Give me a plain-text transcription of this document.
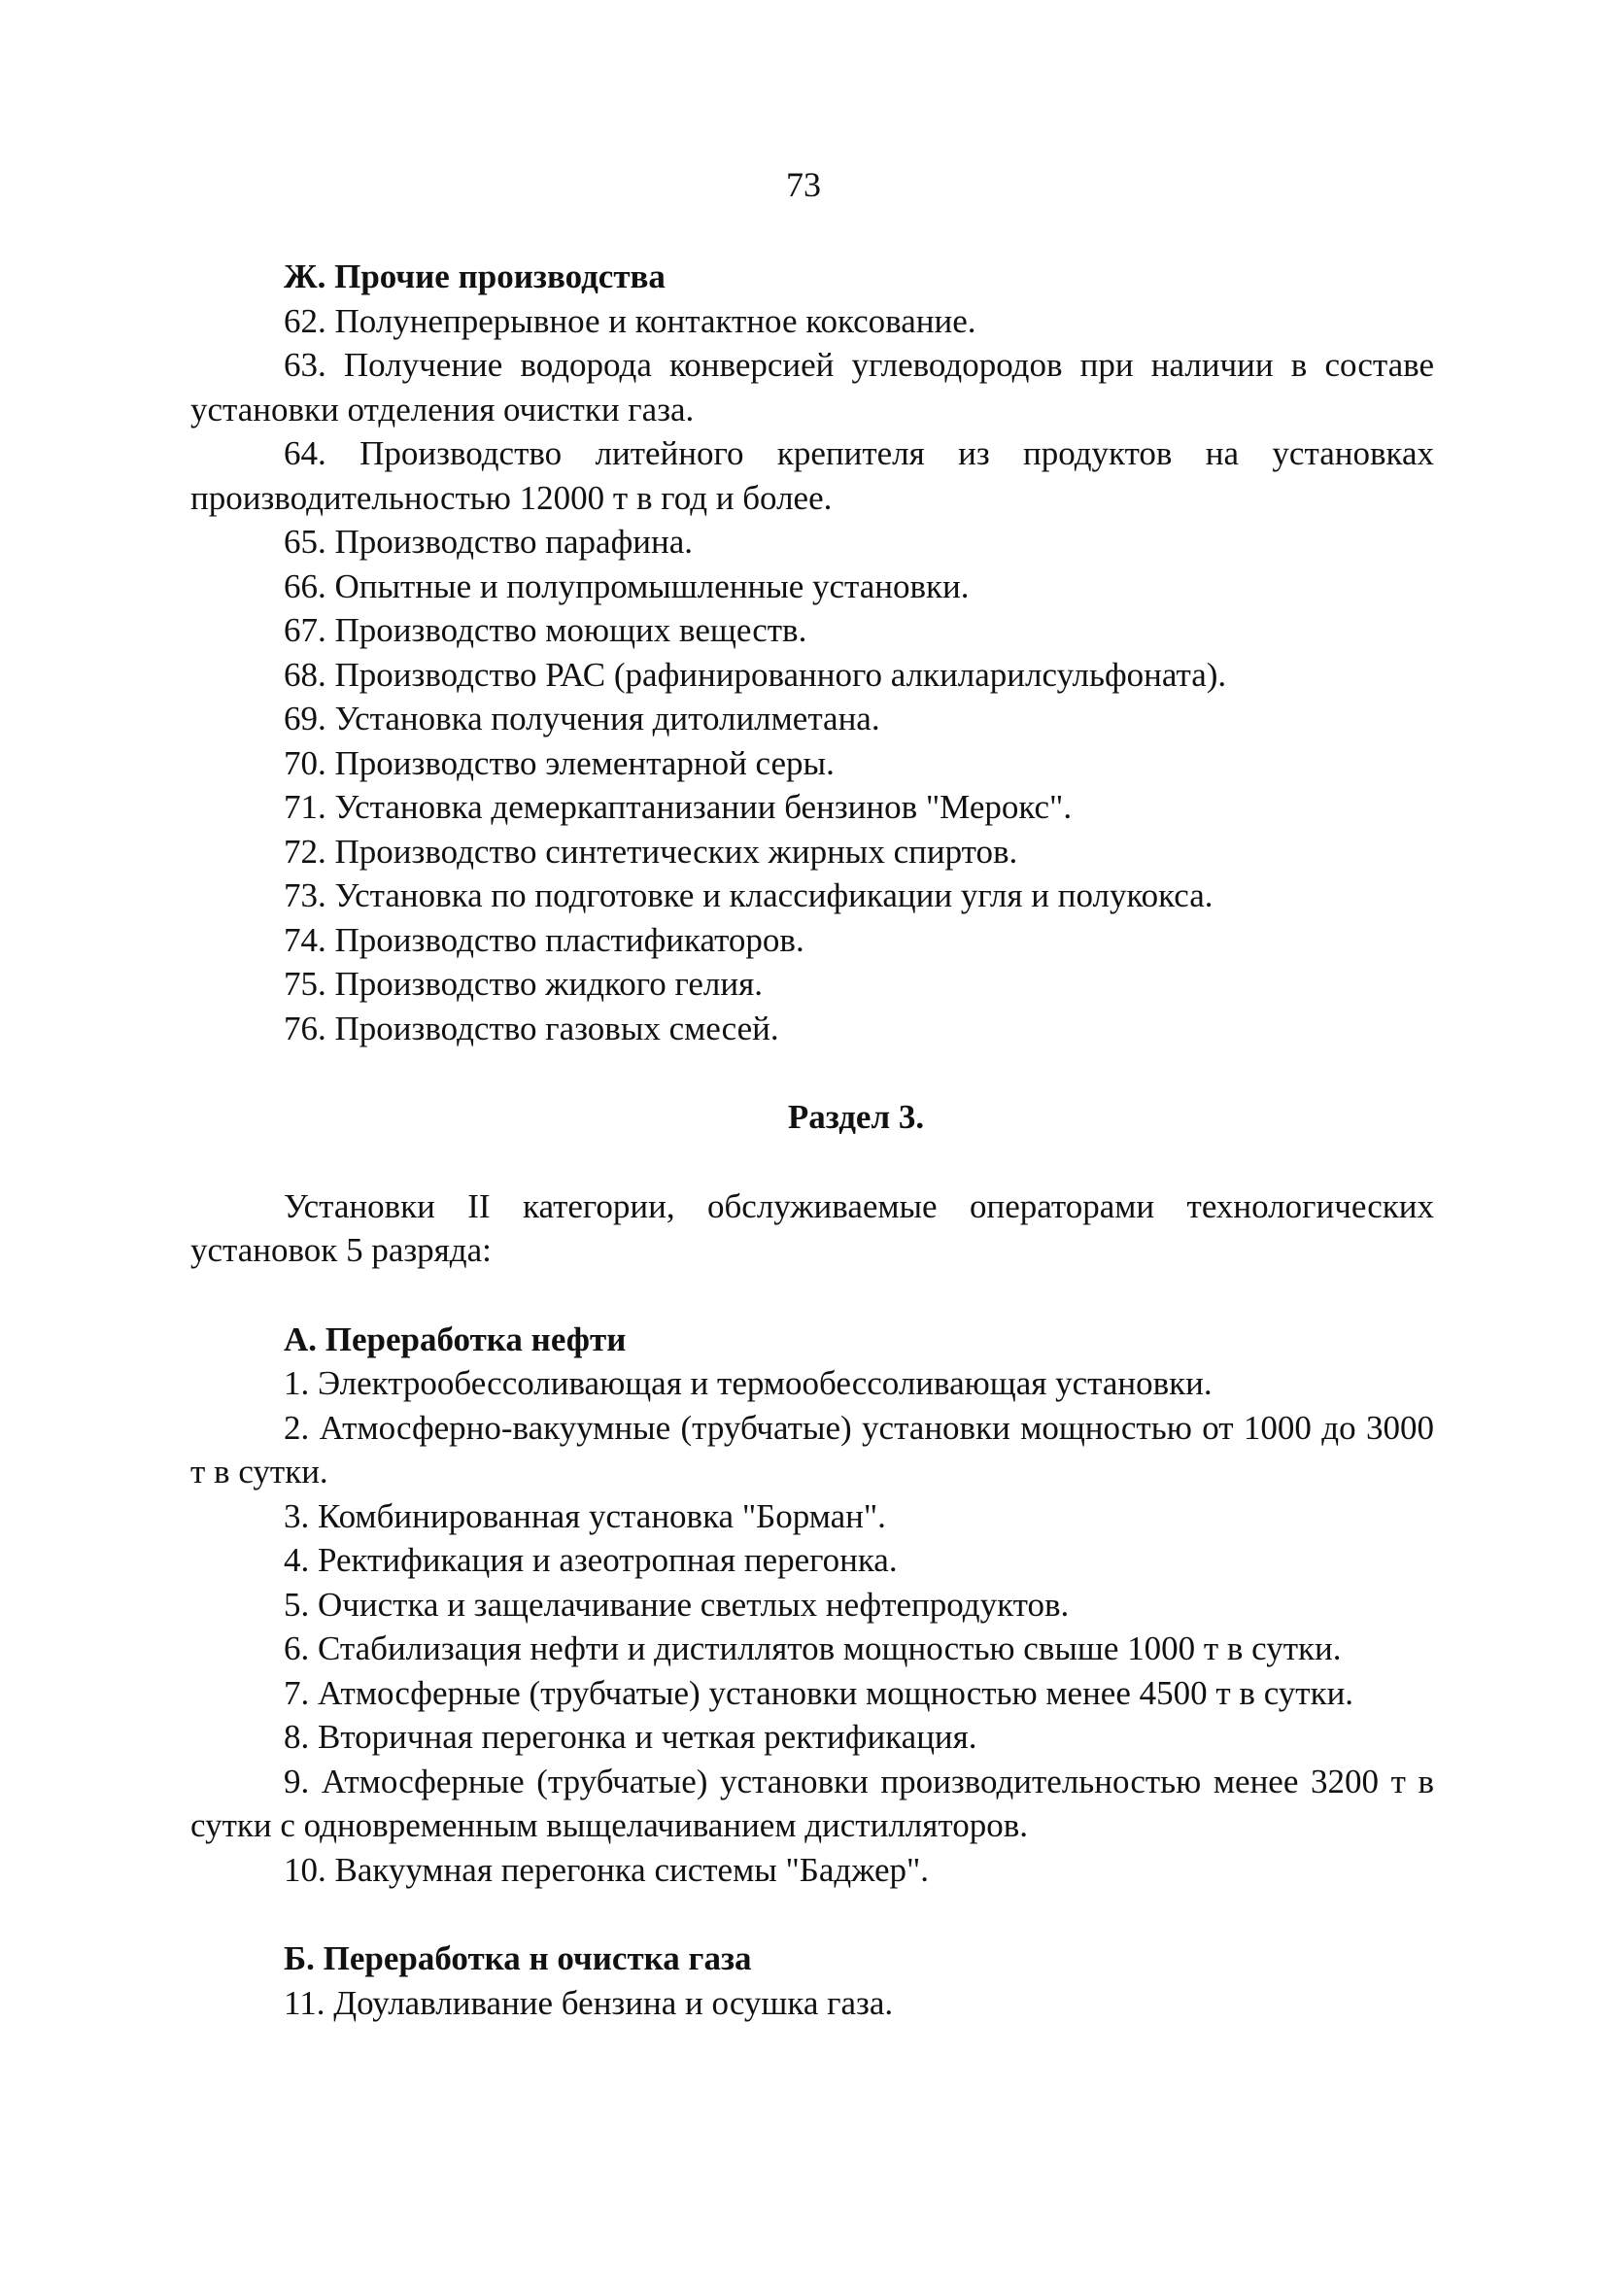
73
Ж. Прочие производства
62. Полунепрерывное и контактное коксование.
63. Получение водорода конверсией углеводородов при наличии в составе установки отделения очистки газа.
64. Производство литейного крепителя из продуктов на установках производительностью 12000 т в год и более.
65. Производство парафина.
66. Опытные и полупромышленные установки.
67. Производство моющих веществ.
68. Производство РАС (рафинированного алкиларилсульфоната).
69. Установка получения дитолилметана.
70. Производство элементарной серы.
71. Установка демеркаптанизании бензинов "Мерокс".
72. Производство синтетических жирных спиртов.
73. Установка по подготовке и классификации угля и полукокса.
74. Производство пластификаторов.
75. Производство жидкого гелия.
76. Производство газовых смесей.
Раздел 3.
Установки II категории, обслуживаемые операторами технологических установок 5 разряда:
А. Переработка нефти
1. Электрообессоливающая и термообессоливающая установки.
2. Атмосферно-вакуумные (трубчатые) установки мощностью от 1000 до 3000 т в сутки.
3. Комбинированная установка "Борман".
4. Ректификация и азеотропная перегонка.
5. Очистка и защелачивание светлых нефтепродуктов.
6. Стабилизация нефти и дистиллятов мощностью свыше 1000 т в сутки.
7. Атмосферные (трубчатые) установки мощностью менее 4500 т в сутки.
8. Вторичная перегонка и четкая ректификация.
9. Атмосферные (трубчатые) установки производительностью менее 3200 т в сутки с одновременным выщелачиванием дистилляторов.
10. Вакуумная перегонка системы "Баджер".
Б. Переработка н очистка газа
11. Доулавливание бензина и осушка газа.
